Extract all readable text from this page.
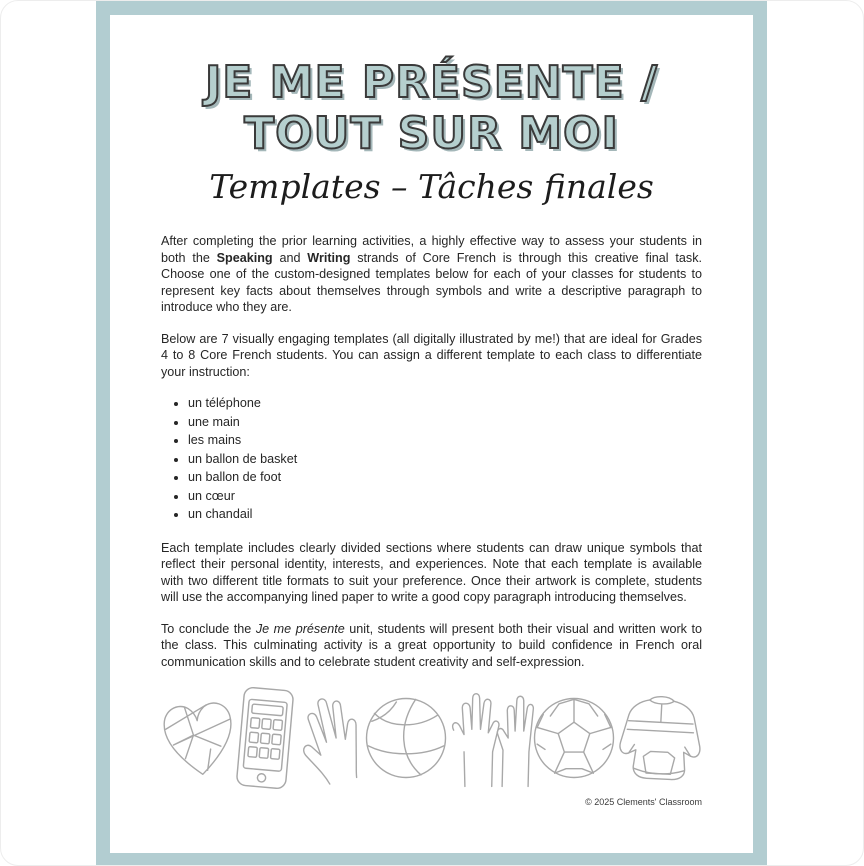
JE ME PRÉSENTE /
TOUT SUR MOI
Templates – Tâches finales

After completing the prior learning activities, a highly effective way to assess your students in both the Speaking and Writing strands of Core French is through this creative final task. Choose one of the custom-designed templates below for each of your classes for students to represent key facts about themselves through symbols and write a descriptive paragraph to introduce who they are.

Below are 7 visually engaging templates (all digitally illustrated by me!) that are ideal for Grades 4 to 8 Core French students. You can assign a different template to each class to differentiate your instruction:

• un téléphone
• une main
• les mains
• un ballon de basket
• un ballon de foot
• un cœur
• un chandail

Each template includes clearly divided sections where students can draw unique symbols that reflect their personal identity, interests, and experiences. Note that each template is available with two different title formats to suit your preference. Once their artwork is complete, students will use the accompanying lined paper to write a good copy paragraph introducing themselves.

To conclude the Je me présente unit, students will present both their visual and written work to the class. This culminating activity is a great opportunity to build confidence in French oral communication skills and to celebrate student creativity and self-expression.

© 2025 Clements' Classroom
